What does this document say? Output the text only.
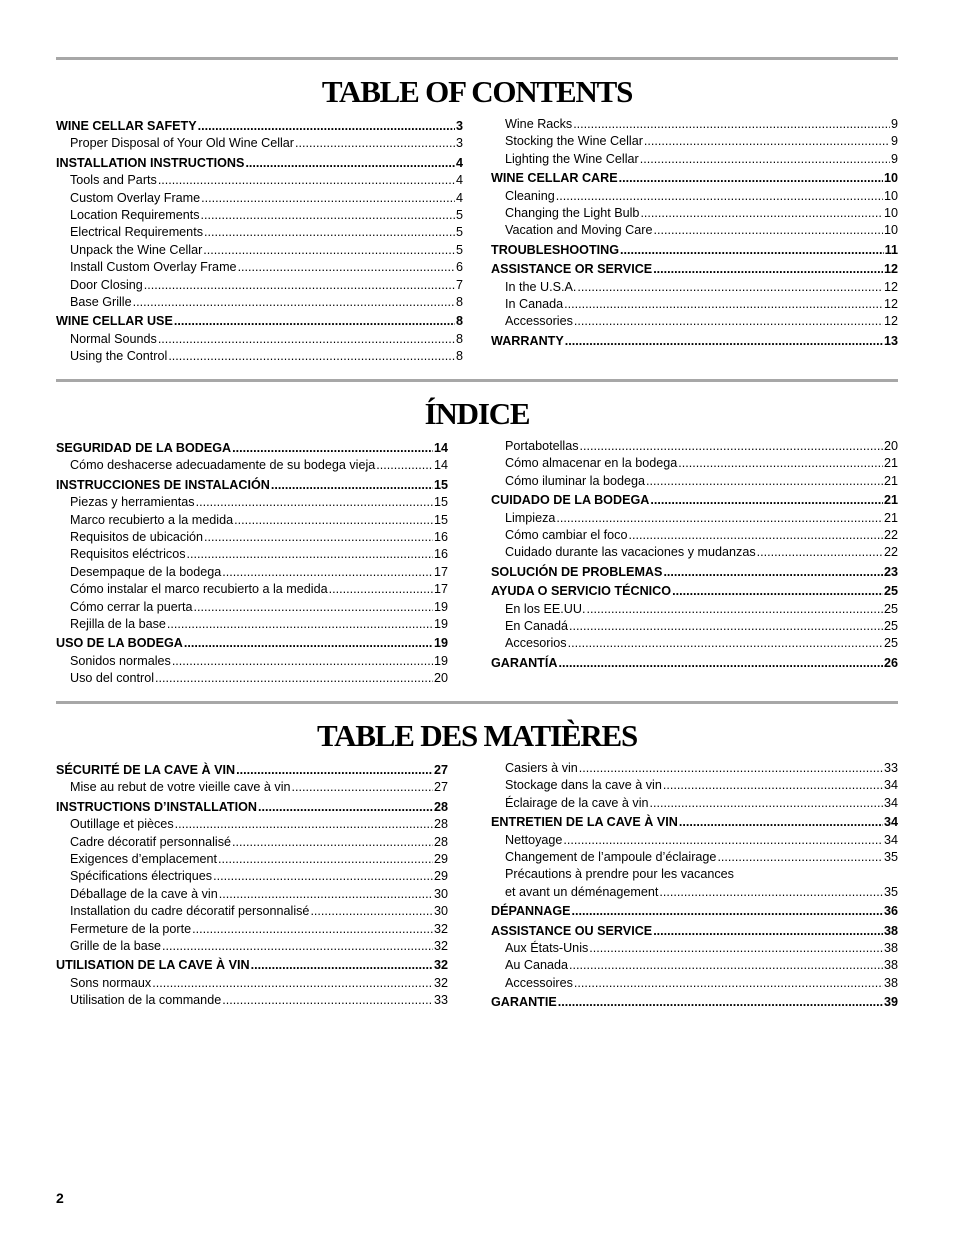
TABLE OF CONTENTS
WINE CELLAR SAFETY .....	3
Proper Disposal of Your Old Wine Cellar .....	3
INSTALLATION INSTRUCTIONS .....	4
Tools and Parts .....	4
Custom Overlay Frame .....	4
Location Requirements .....	5
Electrical Requirements .....	5
Unpack the Wine Cellar .....	5
Install Custom Overlay Frame .....	6
Door Closing .....	7
Base Grille .....	8
WINE CELLAR USE .....	8
Normal Sounds .....	8
Using the Control .....	8
Wine Racks .....	9
Stocking the Wine Cellar .....	9
Lighting the Wine Cellar .....	9
WINE CELLAR CARE .....	10
Cleaning .....	10
Changing the Light Bulb .....	10
Vacation and Moving Care .....	10
TROUBLESHOOTING .....	11
ASSISTANCE OR SERVICE .....	12
In the U.S.A. .....	12
In Canada .....	12
Accessories .....	12
WARRANTY .....	13
ÍNDICE
SEGURIDAD DE LA BODEGA .....	14
Cómo deshacerse adecuadamente de su bodega vieja .....	14
INSTRUCCIONES DE INSTALACIÓN .....	15
Piezas y herramientas .....	15
Marco recubierto a la medida .....	15
Requisitos de ubicación .....	16
Requisitos eléctricos .....	16
Desempaque de la bodega .....	17
Cómo instalar el marco recubierto a la medida .....	17
Cómo cerrar la puerta .....	19
Rejilla de la base .....	19
USO DE LA BODEGA .....	19
Sonidos normales .....	19
Uso del control .....	20
Portabotellas .....	20
Cómo almacenar en la bodega .....	21
Cómo iluminar la bodega .....	21
CUIDADO DE LA BODEGA .....	21
Limpieza .....	21
Cómo cambiar el foco .....	22
Cuidado durante las vacaciones y mudanzas .....	22
SOLUCIÓN DE PROBLEMAS .....	23
AYUDA O SERVICIO TÉCNICO .....	25
En los EE.UU. .....	25
En Canadá .....	25
Accesorios .....	25
GARANTÍA .....	26
TABLE DES MATIÈRES
SÉCURITÉ DE LA CAVE À VIN .....	27
Mise au rebut de votre vieille cave à vin .....	27
INSTRUCTIONS D’INSTALLATION .....	28
Outillage et pièces .....	28
Cadre décoratif personnalisé .....	28
Exigences d’emplacement .....	29
Spécifications électriques .....	29
Déballage de la cave à vin .....	30
Installation du cadre décoratif personnalisé .....	30
Fermeture de la porte .....	32
Grille de la base .....	32
UTILISATION DE LA CAVE À VIN .....	32
Sons normaux .....	32
Utilisation de la commande .....	33
Casiers à vin .....	33
Stockage dans la cave à vin .....	34
Éclairage de la cave à vin .....	34
ENTRETIEN DE LA CAVE À VIN .....	34
Nettoyage .....	34
Changement de l’ampoule d’éclairage .....	35
Précautions à prendre pour les vacances
et avant un déménagement .....	35
DÉPANNAGE .....	36
ASSISTANCE OU SERVICE .....	38
Aux États-Unis .....	38
Au Canada .....	38
Accessoires .....	38
GARANTIE .....	39
2
